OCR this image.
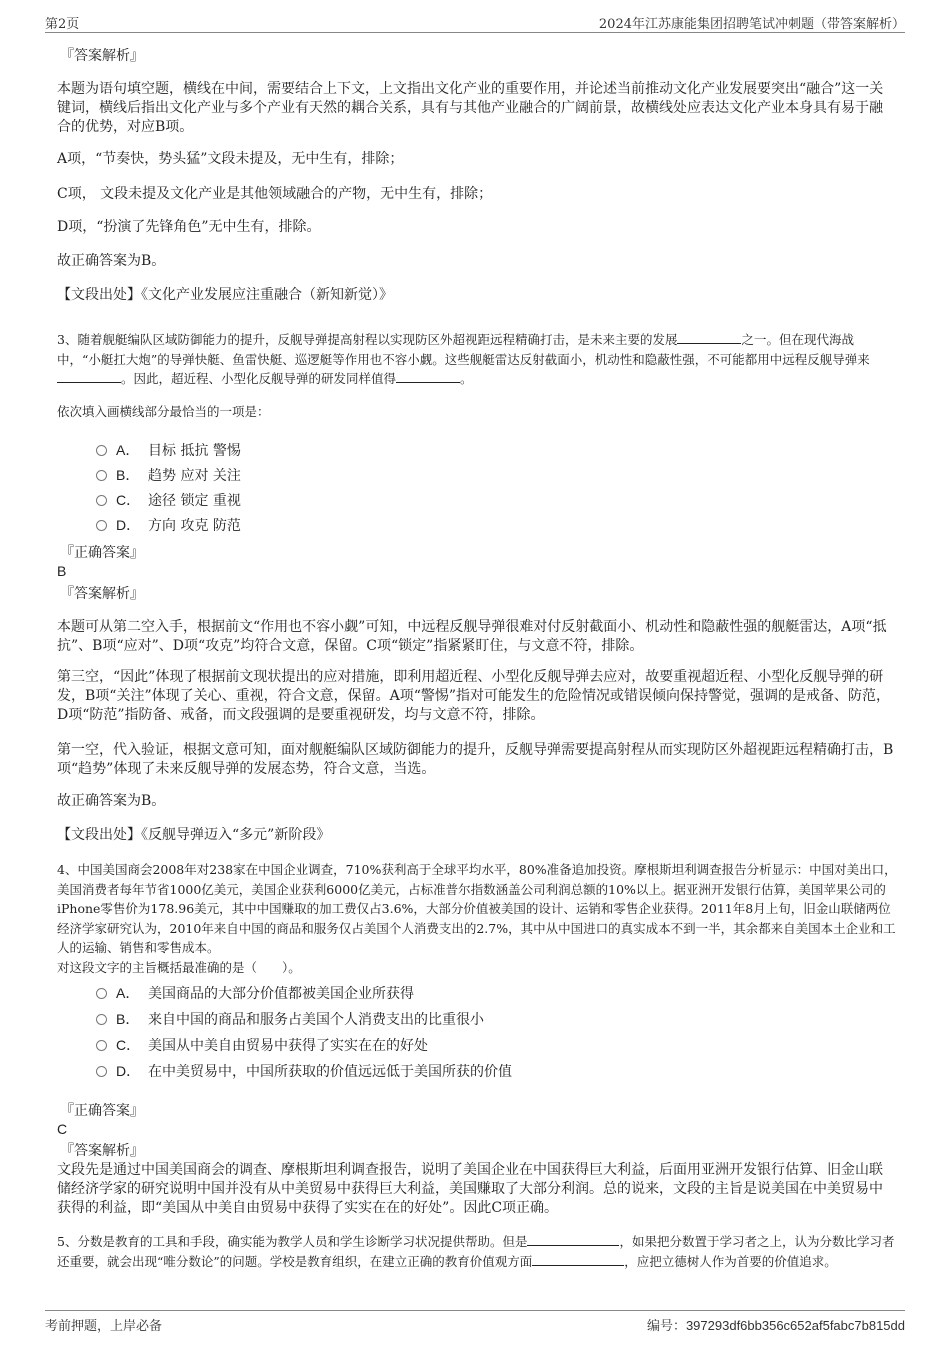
第2页	2024年江苏康能集团招聘笔试冲刺题（带答案解析）
『答案解析』

本题为语句填空题，横线在中间，需要结合上下文，上文指出文化产业的重要作用，并论述当前推动文化产业发展要突出“融合”这一关键词，横线后指出文化产业与多个产业有天然的耦合关系，具有与其他产业融合的广阔前景，故横线处应表达文化产业本身具有易于融合的优势，对应B项。

A项，“节奏快，势头猛”文段未提及，无中生有，排除；

C项， 文段未提及文化产业是其他领域融合的产物，无中生有，排除；

D项，“扮演了先锋角色”无中生有，排除。

故正确答案为B。

【文段出处】《文化产业发展应注重融合（新知新觉）》

3、随着舰艇编队区域防御能力的提升，反舰导弹提高射程以实现防区外超视距远程精确打击，是未来主要的发展	之一。但在现代海战中，“小艇扛大炮”的导弹快艇、鱼雷快艇、巡逻艇等作用也不容小觑。这些舰艇雷达反射截面小，机动性和隐蔽性强，不可能都用中远程反舰导弹来。因此，超近程、小型化反舰导弹的研发同样值得	。

依次填入画横线部分最恰当的一项是：

A． 目标 抵抗 警惕
B． 趋势 应对 关注
C． 途径 锁定 重视
D． 方向 攻克 防范
『正确答案』
B
『答案解析』

本题可从第二空入手，根据前文“作用也不容小觑”可知，中远程反舰导弹很难对付反射截面小、机动性和隐蔽性强的舰艇雷达，A项“抵抗”、B项“应对”、D项“攻克”均符合文意，保留。C项“锁定”指紧紧盯住，与文意不符，排除。

第三空，“因此”体现了根据前文现状提出的应对措施，即利用超近程、小型化反舰导弹去应对，故要重视超近程、小型化反舰导弹的研发，B项“关注”体现了关心、重视，符合文意，保留。A项“警惕”指对可能发生的危险情况或错误倾向保持警觉，强调的是戒备、防范，D项“防范”指防备、戒备，而文段强调的是要重视研发，均与文意不符，排除。

第一空，代入验证，根据文意可知，面对舰艇编队区域防御能力的提升，反舰导弹需要提高射程从而实现防区外超视距远程精确打击，B项“趋势”体现了未来反舰导弹的发展态势，符合文意，当选。

故正确答案为B。

【文段出处】《反舰导弹迈入“多元”新阶段》

4、中国美国商会2008年对238家在中国企业调查，710%获利高于全球平均水平，80%准备追加投资。摩根斯坦利调查报告分析显示：中国对美出口，美国消费者每年节省1000亿美元，美国企业获利6000亿美元，占标准普尔指数涵盖公司利润总额的10%以上。据亚洲开发银行估算，美国苹果公司的iPhone零售价为178.96美元，其中中国赚取的加工费仅占3.6%，大部分价值被美国的设计、运销和零售企业获得。2011年8月上旬，旧金山联储两位经济学家研究认为，2010年来自中国的商品和服务仅占美国个人消费支出的2.7%，其中从中国进口的真实成本不到一半，其余都来自美国本土企业和工人的运输、销售和零售成本。

对这段文字的主旨概括最准确的是（　　）。

A． 美国商品的大部分价值都被美国企业所获得
B． 来自中国的商品和服务占美国个人消费支出的比重很小
C． 美国从中美自由贸易中获得了实实在在的好处
D． 在中美贸易中，中国所获取的价值远远低于美国所获的价值
『正确答案』
C
『答案解析』

文段先是通过中国美国商会的调查、摩根斯坦利调查报告，说明了美国企业在中国获得巨大利益，后面用亚洲开发银行估算、旧金山联储经济学家的研究说明中国并没有从中美贸易中获得巨大利益，美国赚取了大部分利润。总的说来，文段的主旨是说美国在中美贸易中获得的利益，即“美国从中美自由贸易中获得了实实在在的好处”。因此C项正确。

5、分数是教育的工具和手段，确实能为教学人员和学生诊断学习状况提供帮助。但是	，如果把分数置于学习者之上，认为分数比学习者还重要，就会出现“唯分数论”的问题。学校是教育组织，在建立正确的教育价值观方面	，应把立德树人作为首要的价值追求。

考前押题，上岸必备	编号：397293df6bb356c652af5fabc7b815dd
